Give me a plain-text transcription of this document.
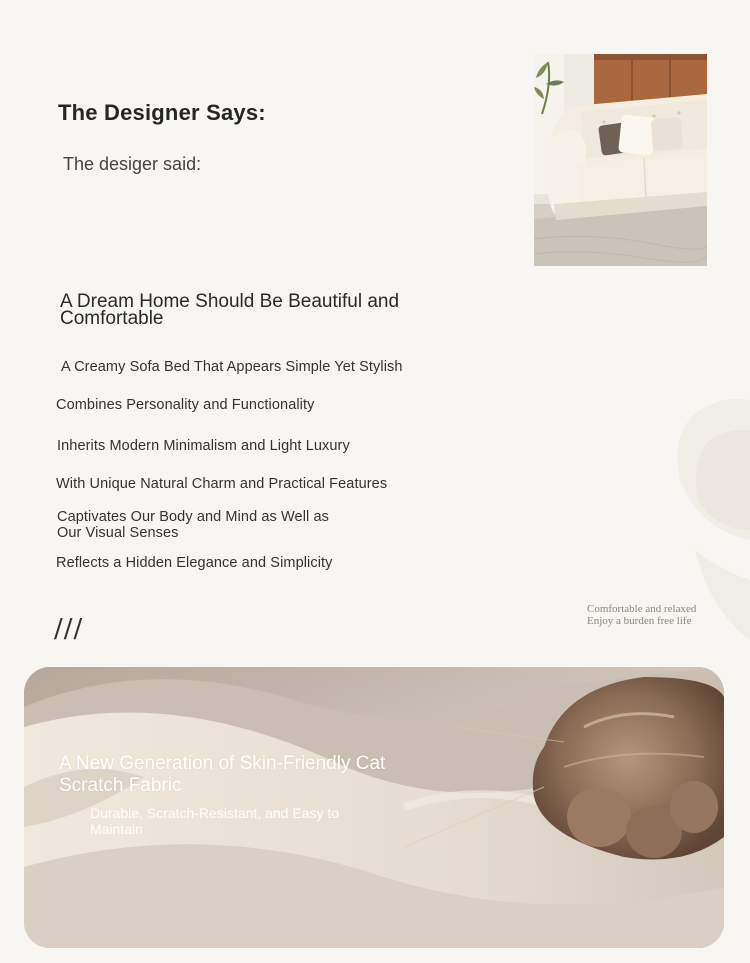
The Designer Says:
The desiger said:
A Dream Home Should Be Beautiful and Comfortable
A Creamy Sofa Bed That Appears Simple Yet Stylish
Combines Personality and Functionality
Inherits Modern Minimalism and Light Luxury
With Unique Natural Charm and Practical Features
Captivates Our Body and Mind as Well as Our Visual Senses
Reflects a Hidden Elegance and Simplicity
Comfortable and relaxed
Enjoy a burden free life
///
A New Generation of Skin-Friendly Cat Scratch Fabric
Durable, Scratch-Resistant, and Easy to Maintain
